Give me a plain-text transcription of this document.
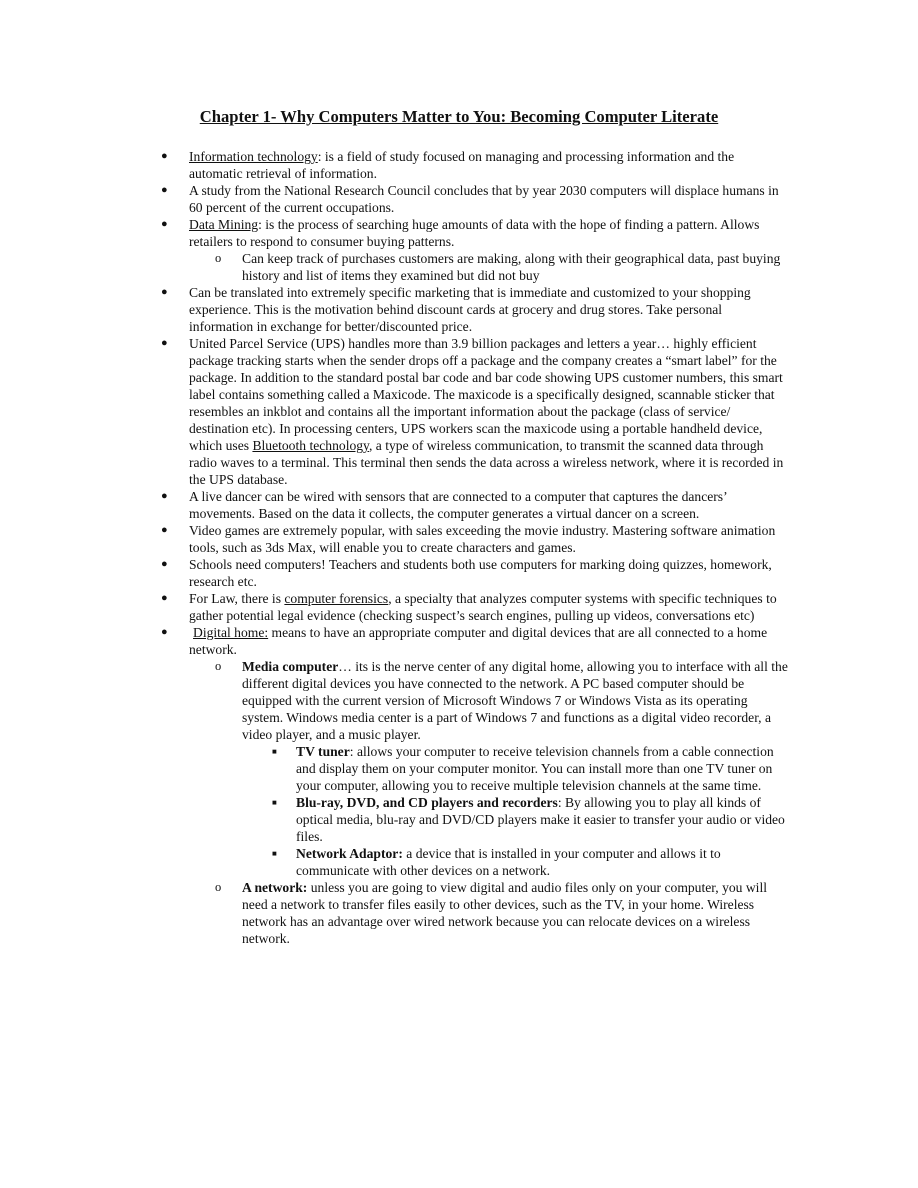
Chapter 1- Why Computers Matter to You: Becoming Computer Literate
● Information technology: is a field of study focused on managing and processing information and the automatic retrieval of information.
● A study from the National Research Council concludes that by year 2030 computers will displace humans in 60 percent of the current occupations.
● Data Mining: is the process of searching huge amounts of data with the hope of finding a pattern. Allows retailers to respond to consumer buying patterns.
o Can keep track of purchases customers are making, along with their geographical data, past buying history and list of items they examined but did not buy
● Can be translated into extremely specific marketing that is immediate and customized to your shopping experience. This is the motivation behind discount cards at grocery and drug stores. Take personal information in exchange for better/discounted price.
● United Parcel Service (UPS) handles more than 3.9 billion packages and letters a year… highly efficient package tracking starts when the sender drops off a package and the company creates a “smart label” for the package. In addition to the standard postal bar code and bar code showing UPS customer numbers, this smart label contains something called a Maxicode. The maxicode is a specifically designed, scannable sticker that resembles an inkblot and contains all the important information about the package (class of service/ destination etc). In processing centers, UPS workers scan the maxicode using a portable handheld device, which uses Bluetooth technology, a type of wireless communication, to transmit the scanned data through radio waves to a terminal. This terminal then sends the data across a wireless network, where it is recorded in the UPS database.
● A live dancer can be wired with sensors that are connected to a computer that captures the dancers’ movements. Based on the data it collects, the computer generates a virtual dancer on a screen.
● Video games are extremely popular, with sales exceeding the movie industry. Mastering software animation tools, such as 3ds Max, will enable you to create characters and games.
● Schools need computers! Teachers and students both use computers for marking doing quizzes, homework, research etc.
● For Law, there is computer forensics, a specialty that analyzes computer systems with specific techniques to gather potential legal evidence (checking suspect’s search engines, pulling up videos, conversations etc)
● Digital home: means to have an appropriate computer and digital devices that are all connected to a home network.
o Media computer… its is the nerve center of any digital home, allowing you to interface with all the different digital devices you have connected to the network. A PC based computer should be equipped with the current version of Microsoft Windows 7 or Windows Vista as its operating system. Windows media center is a part of Windows 7 and functions as a digital video recorder, a video player, and a music player.
■ TV tuner: allows your computer to receive television channels from a cable connection and display them on your computer monitor. You can install more than one TV tuner on your computer, allowing you to receive multiple television channels at the same time.
■ Blu-ray, DVD, and CD players and recorders: By allowing you to play all kinds of optical media, blu-ray and DVD/CD players make it easier to transfer your audio or video files.
■ Network Adaptor: a device that is installed in your computer and allows it to communicate with other devices on a network.
o A network: unless you are going to view digital and audio files only on your computer, you will need a network to transfer files easily to other devices, such as the TV, in your home. Wireless network has an advantage over wired network because you can relocate devices on a wireless network.
